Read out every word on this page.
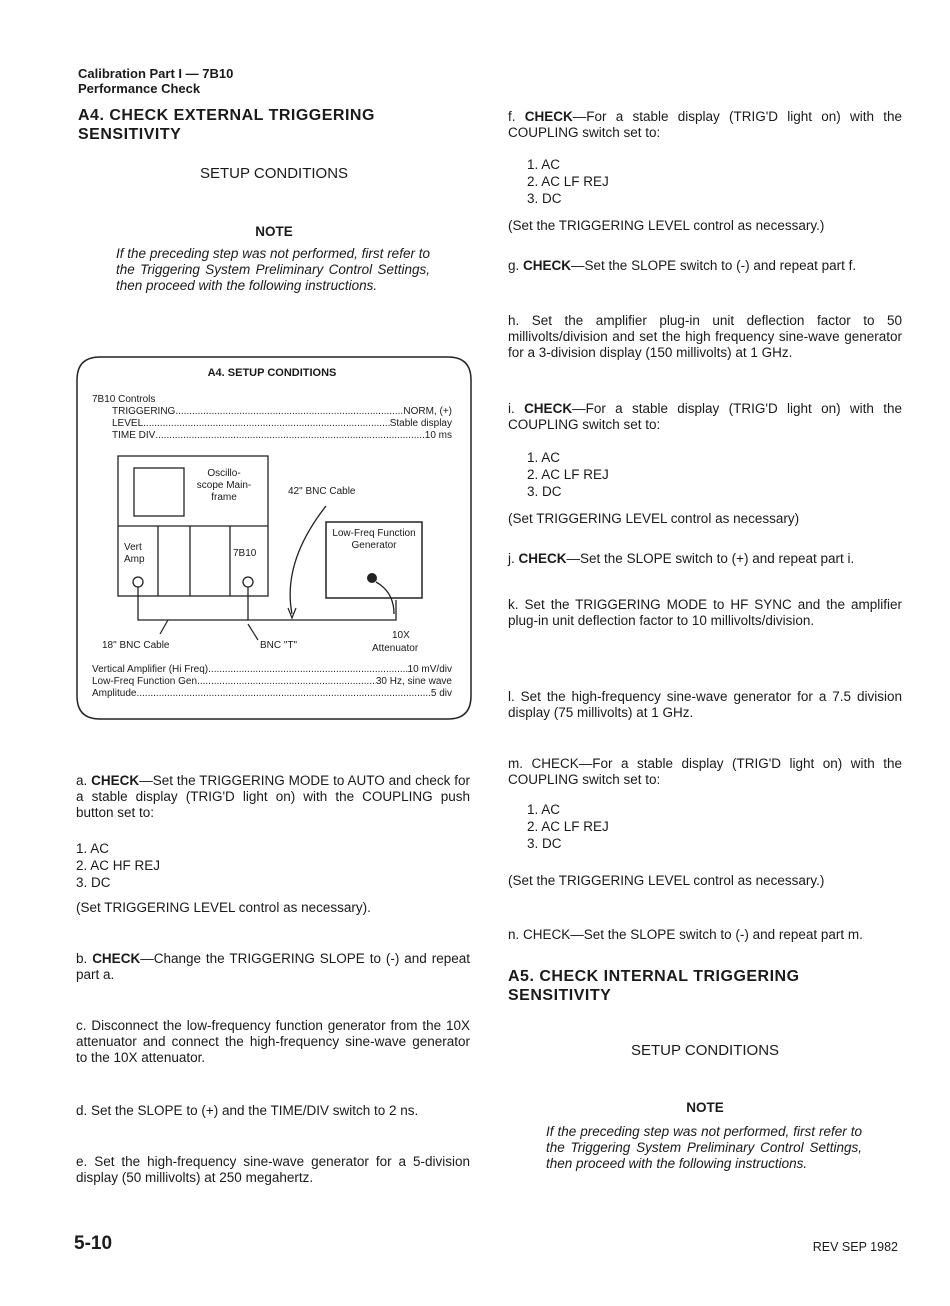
Calibration Part I — 7B10
Performance Check
A4. CHECK EXTERNAL TRIGGERING SENSITIVITY
SETUP CONDITIONS
NOTE
If the preceding step was not performed, first refer to the Triggering System Preliminary Control Settings, then proceed with the following instructions.
A4. SETUP CONDITIONS
7B10 Controls
TRIGGERING .....	NORM, (+)
LEVEL .....	Stable display
TIME DIV .....	10 ms
Oscillo-scope Main-frame
Vert Amp
7B10
42" BNC Cable
Low-Freq Function Generator
10X
Attenuator
18" BNC Cable	BNC "T"
Vertical Amplifier (Hi Freq) .....	10 mV/div
Low-Freq Function Gen .....	30 Hz, sine wave
Amplitude .....	5 div
a. CHECK—Set the TRIGGERING MODE to AUTO and check for a stable display (TRIG'D light on) with the COUPLING push button set to:
1. AC
2. AC HF REJ
3. DC
(Set TRIGGERING LEVEL control as necessary).
b. CHECK—Change the TRIGGERING SLOPE to (-) and repeat part a.
c. Disconnect the low-frequency function generator from the 10X attenuator and connect the high-frequency sine-wave generator to the 10X attenuator.
d. Set the SLOPE to (+) and the TIME/DIV switch to 2 ns.
e. Set the high-frequency sine-wave generator for a 5-division display (50 millivolts) at 250 megahertz.
f. CHECK—For a stable display (TRIG'D light on) with the COUPLING switch set to:
1. AC
2. AC LF REJ
3. DC
(Set the TRIGGERING LEVEL control as necessary.)
g. CHECK—Set the SLOPE switch to (-) and repeat part f.
h. Set the amplifier plug-in unit deflection factor to 50 millivolts/division and set the high frequency sine-wave generator for a 3-division display (150 millivolts) at 1 GHz.
i. CHECK—For a stable display (TRIG'D light on) with the COUPLING switch set to:
1. AC
2. AC LF REJ
3. DC
(Set TRIGGERING LEVEL control as necessary)
j. CHECK—Set the SLOPE switch to (+) and repeat part i.
k. Set the TRIGGERING MODE to HF SYNC and the amplifier plug-in unit deflection factor to 10 millivolts/division.
l. Set the high-frequency sine-wave generator for a 7.5 division display (75 millivolts) at 1 GHz.
m. CHECK—For a stable display (TRIG'D light on) with the COUPLING switch set to:
1. AC
2. AC LF REJ
3. DC
(Set the TRIGGERING LEVEL control as necessary.)
n. CHECK—Set the SLOPE switch to (-) and repeat part m.
A5. CHECK INTERNAL TRIGGERING SENSITIVITY
SETUP CONDITIONS
NOTE
If the preceding step was not performed, first refer to the Triggering System Preliminary Control Settings, then proceed with the following instructions.
5-10	REV SEP 1982
